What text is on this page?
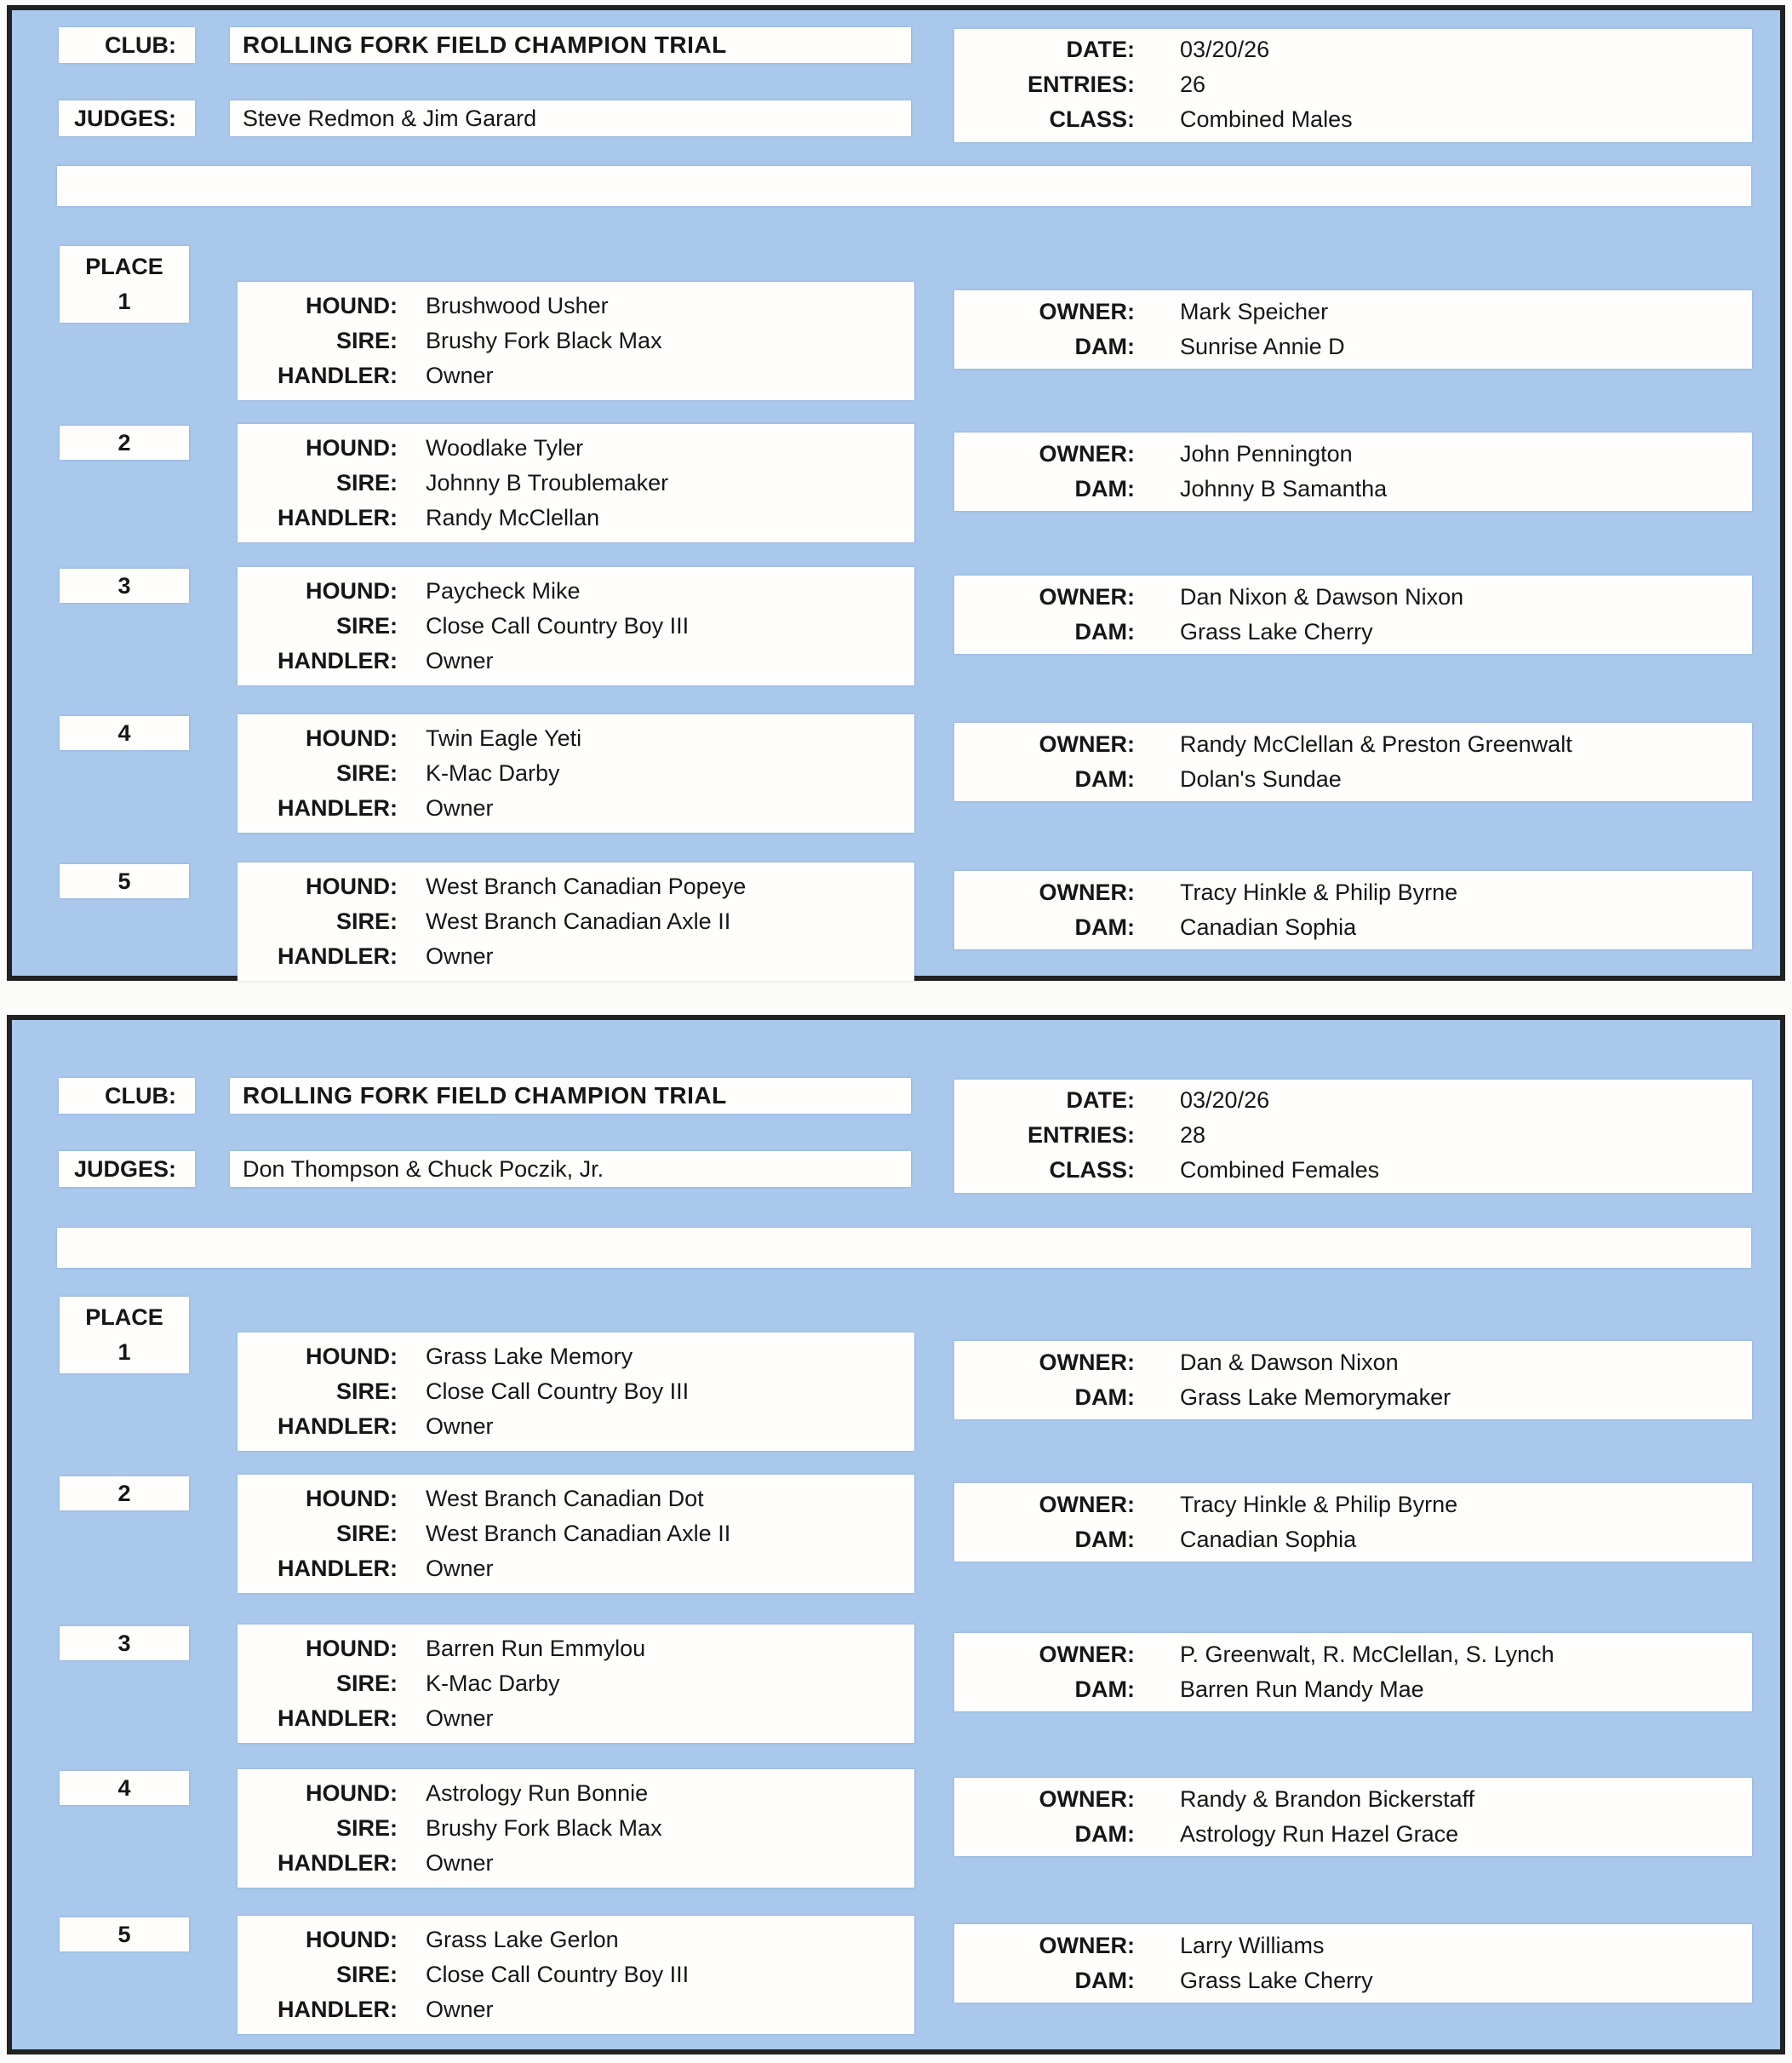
CLUB:	ROLLING FORK FIELD CHAMPION TRIAL
JUDGES:	Steve Redmon & Jim Garard
DATE: 03/20/26
ENTRIES: 26
CLASS: Combined Males
PLACE
1	HOUND: Brushwood Usher
SIRE: Brushy Fork Black Max
HANDLER: Owner
OWNER: Mark Speicher
DAM: Sunrise Annie D
2	HOUND: Woodlake Tyler
SIRE: Johnny B Troublemaker
HANDLER: Randy McClellan
OWNER: John Pennington
DAM: Johnny B Samantha
3	HOUND: Paycheck Mike
SIRE: Close Call Country Boy III
HANDLER: Owner
OWNER: Dan Nixon & Dawson Nixon
DAM: Grass Lake Cherry
4	HOUND: Twin Eagle Yeti
SIRE: K-Mac Darby
HANDLER: Owner
OWNER: Randy McClellan & Preston Greenwalt
DAM: Dolan's Sundae
5	HOUND: West Branch Canadian Popeye
SIRE: West Branch Canadian Axle II
HANDLER: Owner
OWNER: Tracy Hinkle & Philip Byrne
DAM: Canadian Sophia
CLUB:	ROLLING FORK FIELD CHAMPION TRIAL
JUDGES:	Don Thompson & Chuck Poczik, Jr.
DATE: 03/20/26
ENTRIES: 28
CLASS: Combined Females
PLACE
1	HOUND: Grass Lake Memory
SIRE: Close Call Country Boy III
HANDLER: Owner
OWNER: Dan & Dawson Nixon
DAM: Grass Lake Memorymaker
2	HOUND: West Branch Canadian Dot
SIRE: West Branch Canadian Axle II
HANDLER: Owner
OWNER: Tracy Hinkle & Philip Byrne
DAM: Canadian Sophia
3	HOUND: Barren Run Emmylou
SIRE: K-Mac Darby
HANDLER: Owner
OWNER: P. Greenwalt, R. McClellan, S. Lynch
DAM: Barren Run Mandy Mae
4	HOUND: Astrology Run Bonnie
SIRE: Brushy Fork Black Max
HANDLER: Owner
OWNER: Randy & Brandon Bickerstaff
DAM: Astrology Run Hazel Grace
5	HOUND: Grass Lake Gerlon
SIRE: Close Call Country Boy III
HANDLER: Owner
OWNER: Larry Williams
DAM: Grass Lake Cherry
